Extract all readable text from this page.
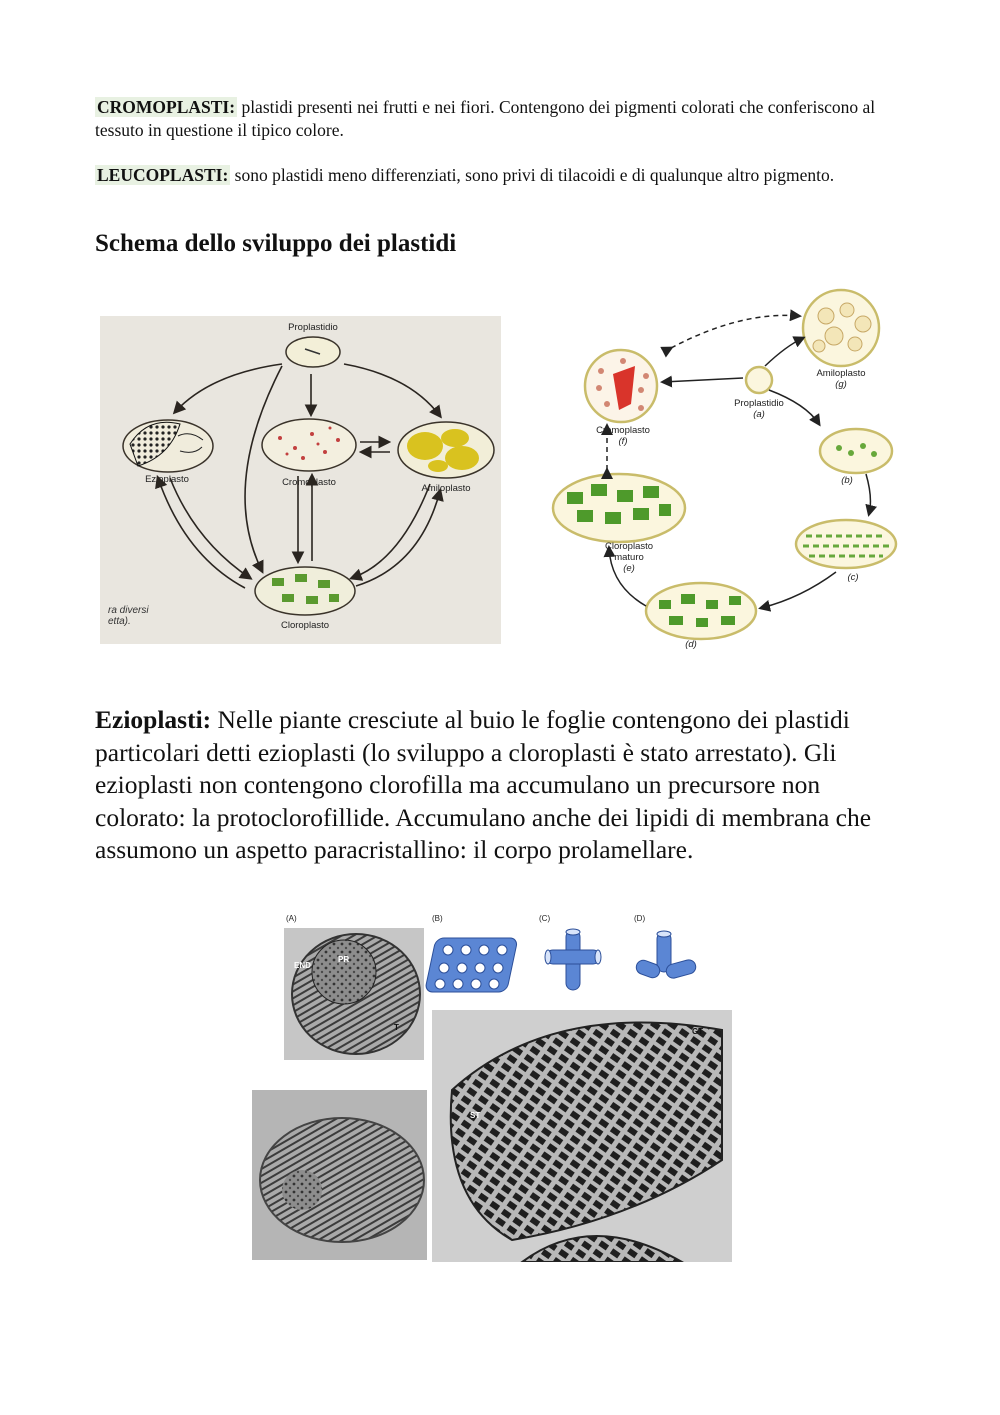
CROMOPLASTI: plastidi presenti nei frutti e nei fiori. Contengono dei pigmenti colorati che conferiscono al tessuto in questione il tipico colore.

LEUCOPLASTI: sono plastidi meno differenziati, sono privi di tilacoidi e di qualunque altro pigmento.

Schema dello sviluppo dei plastidi
Proplastidio
Ezioplasto	Cromoplasto
Amiloplasto
Cloroplasto
ra diversi
etta).
Amiloplasto
(g)
Cromoplasto
(f)
Proplastidio
(a)
(b)
(c)
(d)
Cloroplasto
maturo
(e)

Ezioplasti: Nelle piante cresciute al buio le foglie contengono dei plastidi particolari detti ezioplasti (lo sviluppo a cloroplasti è stato arrestato). Gli ezioplasti non contengono clorofilla ma accumulano un precursore non colorato: la protoclorofillide. Accumulano anche dei lipidi di membrana che assumono un aspetto paracristallino: il corpo prolamellare.

(A)
PR
END
T
(B)	(C)	(D)
GT
ST
